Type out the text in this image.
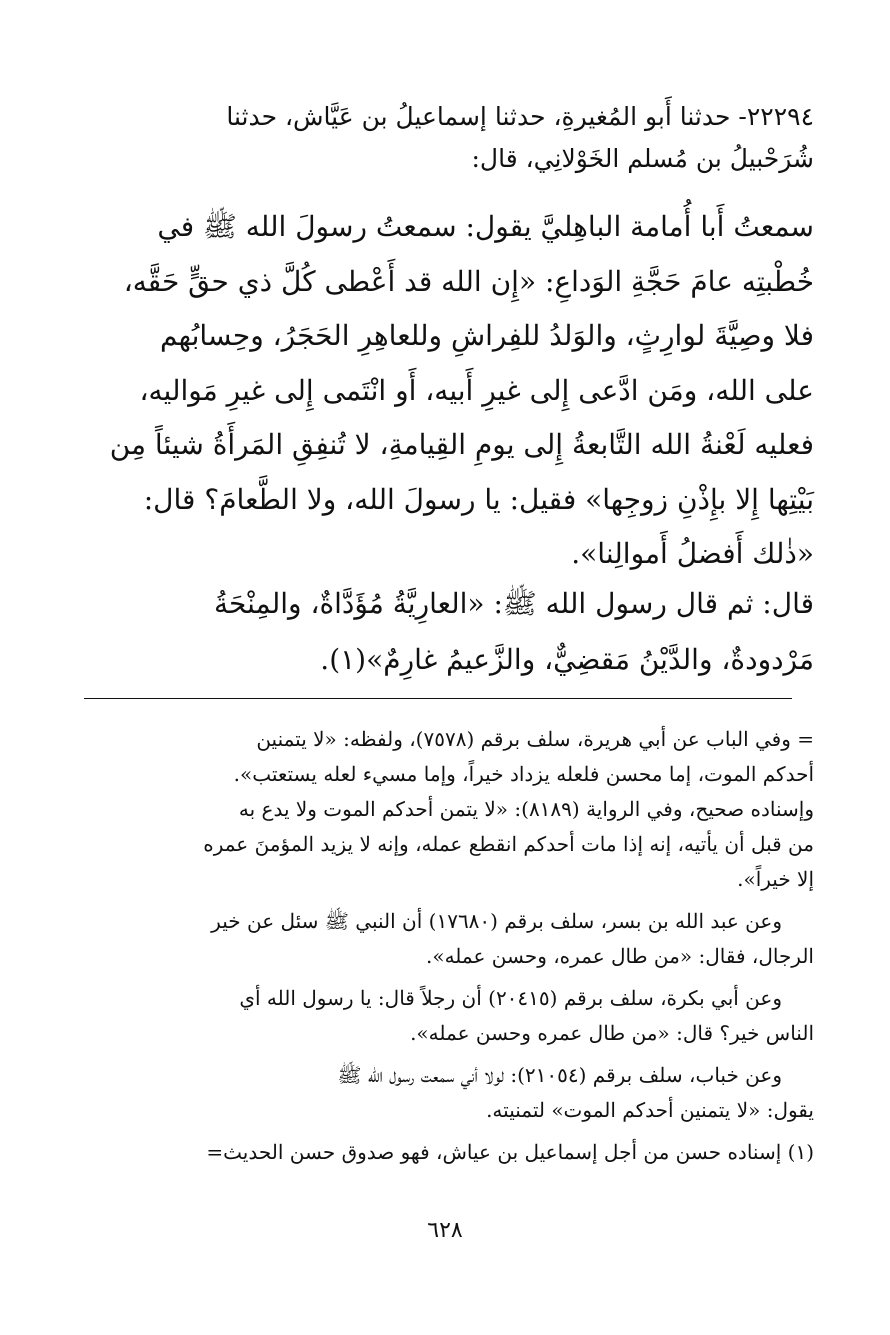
٢٢٢٩٤- حدثنا أَبو المُغيرةِ، حدثنا إسماعيلُ بن عَيَّاش، حدثنا
شُرَحْبيلُ بن مُسلم الخَوْلانِي، قال:
سمعتُ أَبا أُمامة الباهِليَّ يقول: سمعتُ رسولَ الله ﷺ في
خُطْبتِه عامَ حَجَّةِ الوَداعِ: «إِن الله قد أَعْطى كُلَّ ذي حقٍّ حَقَّه،
فلا وصِيَّةَ لوارِثٍ، والوَلدُ للفِراشِ وللعاهِرِ الحَجَرُ، وحِسابُهم
على الله، ومَن ادَّعى إِلى غيرِ أَبيه، أَو انْتَمى إِلى غيرِ مَواليه،
فعليه لَعْنةُ الله التَّابعةُ إِلى يومِ القِيامةِ، لا تُنفِقِ المَرأَةُ شيئاً مِن
بَيْتِها إِلا بإِذْنِ زوجِها» فقيل: يا رسولَ الله، ولا الطَّعامَ؟ قال:
«ذٰلك أَفضلُ أَموالِنا».
قال: ثم قال رسول الله ﷺ: «العارِيَّةُ مُؤَدَّاةٌ، والمِنْحَةُ
مَرْدودةٌ، والدَّيْنُ مَقضِيٌّ، والزَّعيمُ غارِمٌ»(١).

= وفي الباب عن أبي هريرة، سلف برقم (٧٥٧٨)، ولفظه: «لا يتمنين
أحدكم الموت، إما محسن فلعله يزداد خيراً، وإما مسيء لعله يستعتب».
وإسناده صحيح، وفي الرواية (٨١٨٩): «لا يتمن أحدكم الموت ولا يدع به
من قبل أن يأتيه، إنه إذا مات أحدكم انقطع عمله، وإنه لا يزيد المؤمنَ عمره
إلا خيراً».

وعن عبد الله بن بسر، سلف برقم (١٧٦٨٠) أن النبي ﷺ سئل عن خير
الرجال، فقال: «من طال عمره، وحسن عمله».

وعن أبي بكرة، سلف برقم (٢٠٤١٥) أن رجلاً قال: يا رسول الله أي
الناس خير؟ قال: «من طال عمره وحسن عمله».

وعن خباب، سلف برقم (٢١٠٥٤): لولا أني سمعت رسول الله ﷺ
يقول: «لا يتمنين أحدكم الموت» لتمنيته.

(١) إسناده حسن من أجل إسماعيل بن عياش، فهو صدوق حسن الحديث=

٦٢٨
